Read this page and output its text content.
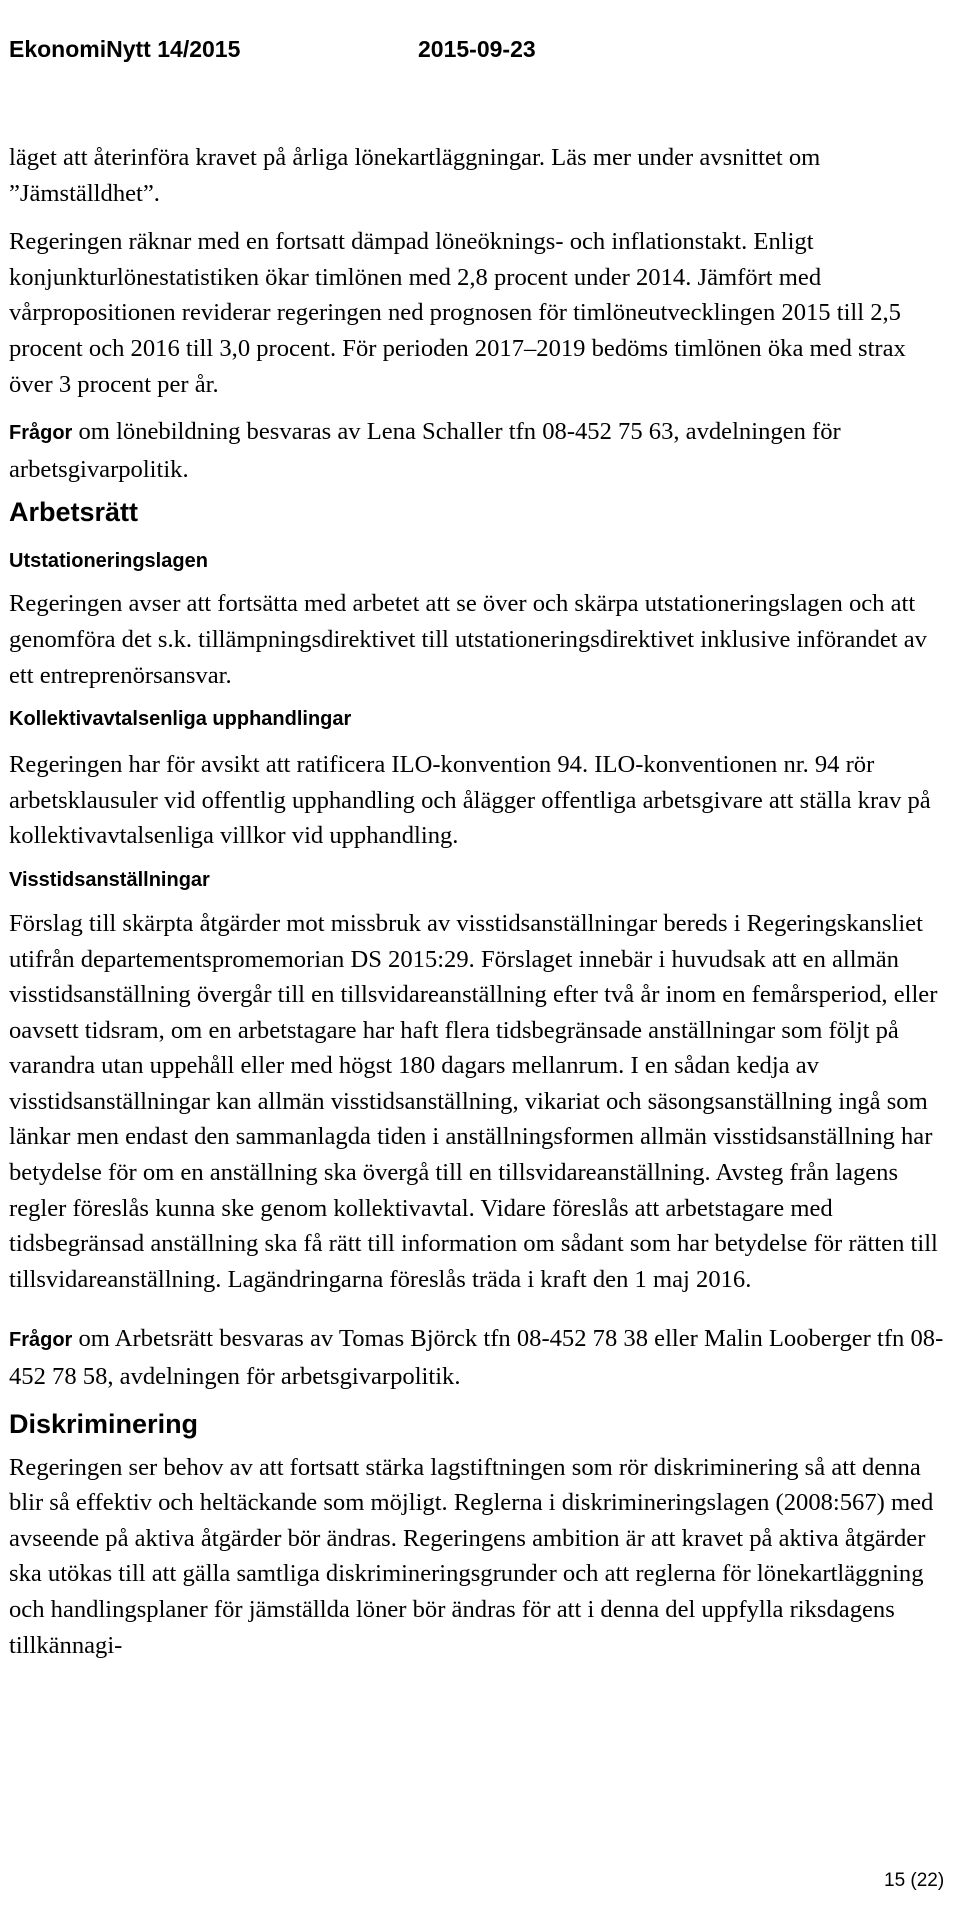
EkonomiNytt 14/2015	2015-09-23

läget att återinföra kravet på årliga lönekartläggningar. Läs mer under avsnittet om ”Jämställdhet”.

Regeringen räknar med en fortsatt dämpad löneöknings- och inflationstakt. Enligt konjunkturlönestatistiken ökar timlönen med 2,8 procent under 2014. Jämfört med vårpropositionen reviderar regeringen ned prognosen för timlöneutvecklingen 2015 till 2,5 procent och 2016 till 3,0 procent. För perioden 2017–2019 bedöms timlönen öka med strax över 3 procent per år.

Frågor om lönebildning besvaras av Lena Schaller tfn 08-452 75 63, avdelningen för arbetsgivarpolitik.

Arbetsrätt
Utstationeringslagen

Regeringen avser att fortsätta med arbetet att se över och skärpa utstationeringslagen och att genomföra det s.k. tillämpningsdirektivet till utstationeringsdirektivet inklusive införandet av ett entreprenörsansvar.

Kollektivavtalsenliga upphandlingar

Regeringen har för avsikt att ratificera ILO-konvention 94. ILO-konventionen nr. 94 rör arbetsklausuler vid offentlig upphandling och ålägger offentliga arbetsgivare att ställa krav på kollektivavtalsenliga villkor vid upphandling.

Visstidsanställningar

Förslag till skärpta åtgärder mot missbruk av visstidsanställningar bereds i Regeringskansliet utifrån departementspromemorian DS 2015:29. Förslaget innebär i huvudsak att en allmän visstidsanställning övergår till en tillsvidareanställning efter två år inom en femårsperiod, eller oavsett tidsram, om en arbetstagare har haft flera tidsbegränsade anställningar som följt på varandra utan uppehåll eller med högst 180 dagars mellanrum. I en sådan kedja av visstidsanställningar kan allmän visstidsanställning, vikariat och säsongsanställning ingå som länkar men endast den sammanlagda tiden i anställningsformen allmän visstidsanställning har betydelse för om en anställning ska övergå till en tillsvidareanställning. Avsteg från lagens regler föreslås kunna ske genom kollektivavtal. Vidare föreslås att arbetstagare med tidsbegränsad anställning ska få rätt till information om sådant som har betydelse för rätten till tillsvidareanställning. Lagändringarna föreslås träda i kraft den 1 maj 2016.

Frågor om Arbetsrätt besvaras av Tomas Björck tfn 08-452 78 38 eller Malin Looberger tfn 08-452 78 58, avdelningen för arbetsgivarpolitik.

Diskriminering

Regeringen ser behov av att fortsatt stärka lagstiftningen som rör diskriminering så att denna blir så effektiv och heltäckande som möjligt. Reglerna i diskrimineringslagen (2008:567) med avseende på aktiva åtgärder bör ändras. Regeringens ambition är att kravet på aktiva åtgärder ska utökas till att gälla samtliga diskrimineringsgrunder och att reglerna för lönekartläggning och handlingsplaner för jämställda löner bör ändras för att i denna del uppfylla riksdagens tillkännagi-

15 (22)
